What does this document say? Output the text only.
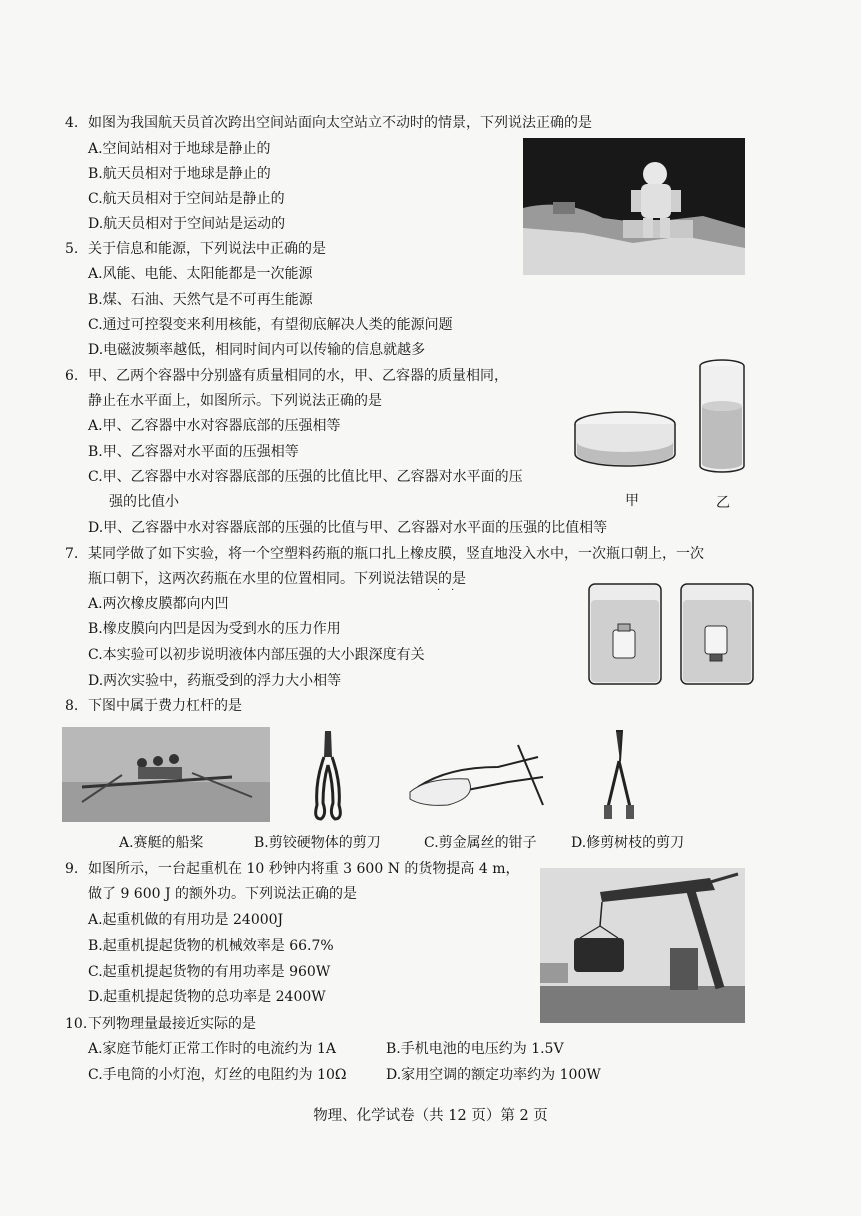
4. 如图为我国航天员首次跨出空间站面向太空站立不动时的情景，下列说法正确的是
A.空间站相对于地球是静止的
B.航天员相对于地球是静止的
C.航天员相对于空间站是静止的
D.航天员相对于空间站是运动的
5. 关于信息和能源，下列说法中正确的是
A.风能、电能、太阳能都是一次能源
B.煤、石油、天然气是不可再生能源
C.通过可控裂变来利用核能，有望彻底解决人类的能源问题
D.电磁波频率越低，相同时间内可以传输的信息就越多
6. 甲、乙两个容器中分别盛有质量相同的水，甲、乙容器的质量相同，
静止在水平面上，如图所示。下列说法正确的是
A.甲、乙容器中水对容器底部的压强相等
B.甲、乙容器对水平面的压强相等
C.甲、乙容器中水对容器底部的压强的比值比甲、乙容器对水平面的压
强的比值小
D.甲、乙容器中水对容器底部的压强的比值与甲、乙容器对水平面的压强的比值相等
甲	乙
7. 某同学做了如下实验，将一个空塑料药瓶的瓶口扎上橡皮膜，竖直地没入水中，一次瓶口朝上，一次
瓶口朝下，这两次药瓶在水里的位置相同。下列说法错误的是
· ·
A.两次橡皮膜都向内凹
B.橡皮膜向内凹是因为受到水的压力作用
C.本实验可以初步说明液体内部压强的大小跟深度有关
D.两次实验中，药瓶受到的浮力大小相等
8. 下图中属于费力杠杆的是
A.赛艇的船桨	B.剪铰硬物体的剪刀	C.剪金属丝的钳子 D.修剪树枝的剪刀
9. 如图所示，一台起重机在 10 秒钟内将重 3 600 N 的货物提高 4 m，
做了 9 600 J 的额外功。下列说法正确的是
A.起重机做的有用功是 24000J
B.起重机提起货物的机械效率是 66.7%
C.起重机提起货物的有用功率是 960W
D.起重机提起货物的总功率是 2400W
10. 下列物理量最接近实际的是
A.家庭节能灯正常工作时的电流约为 1A	B.手机电池的电压约为 1.5V
C.手电筒的小灯泡，灯丝的电阻约为 10Ω	D.家用空调的额定功率约为 100W
物理、化学试卷（共 12 页）第 2 页
